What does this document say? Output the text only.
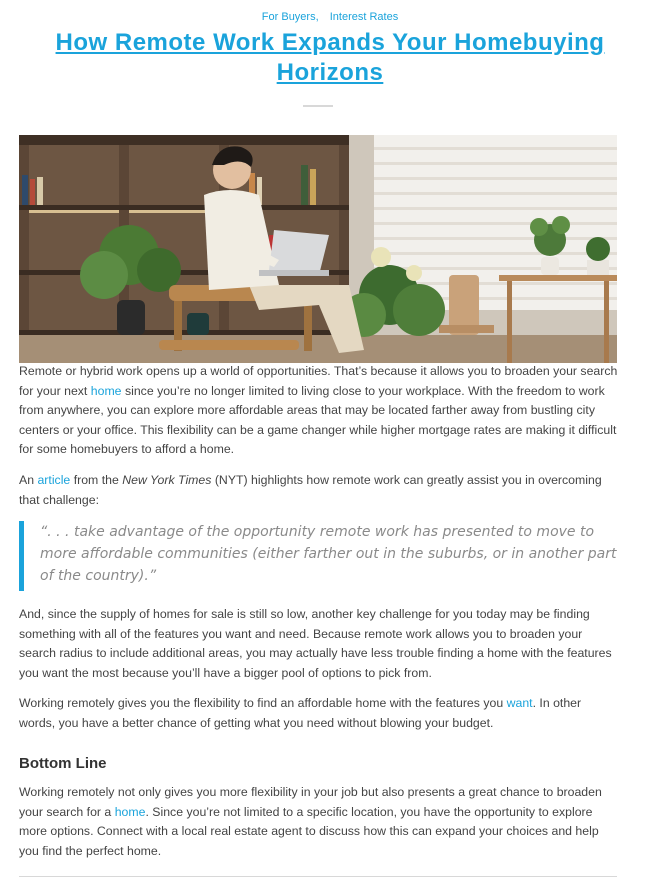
For Buyers, Interest Rates
How Remote Work Expands Your Homebuying Horizons

Remote or hybrid work opens up a world of opportunities. That’s because it allows you to broaden your search for your next home since you’re no longer limited to living close to your workplace. With the freedom to work from anywhere, you can explore more affordable areas that may be located farther away from bustling city centers or your office. This flexibility can be a game changer while higher mortgage rates are making it difficult for some homebuyers to afford a home.

An article from the New York Times (NYT) highlights how remote work can greatly assist you in overcoming that challenge:

“. . . take advantage of the opportunity remote work has presented to move to more affordable communities (either farther out in the suburbs, or in another part of the country).”

And, since the supply of homes for sale is still so low, another key challenge for you today may be finding something with all of the features you want and need. Because remote work allows you to broaden your search radius to include additional areas, you may actually have less trouble finding a home with the features you want the most because you’ll have a bigger pool of options to pick from.

Working remotely gives you the flexibility to find an affordable home with the features you want. In other words, you have a better chance of getting what you need without blowing your budget.

Bottom Line

Working remotely not only gives you more flexibility in your job but also presents a great chance to broaden your search for a home. Since you’re not limited to a specific location, you have the opportunity to explore more options. Connect with a local real estate agent to discuss how this can expand your choices and help you find the perfect home.
